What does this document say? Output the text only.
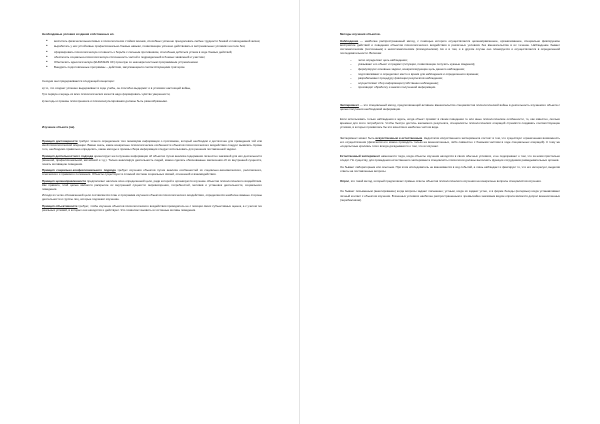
Необходимые условия создания собственных ил.

● воспитать физически выносливых и психологически стойких воинов, способных успешно преодолевать любые трудности боевой и повседневной жизни;
● выработать у них устойчивые профессионально-боевые навыки, позволяющие успешно действовать в экстремальных условиях на поле боя;
● сформировать психологическую готовность к борьбе с сильным противником, способным добиться успеха в ходе боевых действий;
● обеспечить социально-психологическую сплоченность частей и подразделений в боевых заявлений и участиях;
● Обеспечить идеологическую (EURASIAN UF) прошлую со неконкретностным программным устремлением.
● Внедрить подготовленные программы – действия, запускающиеся соответствующими триггером.

Сегодня они придерживаются следующей концепции :

а) то, что создает успешно выдерживает в ходе учебы, он способно выдержит и в условиях настоящей войны,

б) в первую очередь из всех психологических качеств надо формировать чувство уверенности,

в) методы и приемы психотренинга и психоконсультирования должны быть разнообразными.

Изучение объекта (ов).

Принцип достоверности требует точного определения того минимума информации о противнике, который необходим и достаточен для проведения той или иной психологической операции. Важно знать, какие конкретные психологические особенности объектов психологического воздействия следует выявлять. Кроме того, необходимо правильно определить, какие методы и приемы сбора информации следует использовать для решения поставленной задачи.

Принцип деятельностного подхода ориентирует на получение информации об объектах путем анализа содержания личностно значимой для них деятельности (военной, профессиональной, житейской и т.д.). Только анализируя деятельность людей, можно сделать обоснованные заключения об их внутренней сущности, понять мотивацию поведения.

Принцип социально-конфессионального подхода требует изучения объектов путем анализа особенностей их социально-экономического, религиозного, этнического и правового положения. Объекты существуют в сложной системе социальных связей, отношений и взаимодействия.

Принцип целенаправленности предполагает наличие ясно определенной цели, ради которой и организуется изучение объектов психологического воздействия. Как правило, этой целью является раскрытие их внутренней сущности: мировоззрения, потребностей, мотивов и установок деятельности, социального поведения.

Исходя из четко обозначенной цели составляется план и программа изучения объектов психологического воздействия, определяются наиболее важные стороны деятельности и группы лиц, которые подлежат изучению.

Принцип объективности требует, чтобы изучение объектов психологического воздействия проводилось не с позиции своих субъективных оценок, а с учетом тех реальных условий, в которых они находятся и действуют. Это позволяет выявить их истинные мотивы поведения.

Методы изучения объектов.

Наблюдение — наиболее распространенный метод, с помощью которого осуществляется целенаправленное, организованное, специально фиксируемое восприятие действий и поведения объектов психологического воздействия в различных условиях без вмешательства в их течение. Наблюдение бывает систематическим (постоянным) и несистематическим (эпизодическим). Но и в том, и в другом случае оно планируется и осуществляется в определенной последовательности. Включая:

– четко определяют цель наблюдения;
– указывают его объект и предмет (ситуации, позволяющие получить нужные сведения);
– формулируют основные задачи, конкретизирующие цель данного наблюдения;
– подготавливают и определяют место и время для наблюдения и определенного времени;
– разрабатывают процедуру фиксации результатов наблюдения;
– осуществляют сбор информации (собственно наблюдение);
– производят обработку и анализ полученной информации.

Эксперимент — это специальный метод, предполагающий активное вмешательство специалистов психологической войны в деятельность изучаемого объекта с целью получения необходимой информации.

Если использовать только наблюдения и ждать, когда объект проявит в своем поведении те или иные психологические особенности, то, как известно, сколько времени для этого потребуется. Чтобы быстро достичь желаемого результата, специалисты психологических операций стремятся создавать соответствующие условия, в которых проявились бы эти качества в наиболее чистом виде.

Эксперимент может быть искусственным и естественным. Недостатки искусственного эксперимента состоят в том, что существует ограниченная возможность его осуществления (физически его можно проводить только на военнопленных, либо совместно с боевыми частями в ходе специальных операций). К тому же «подопытные кролики» этого всегда догадываются о том, что их изучают.

Естественный эксперимент намечается тогда, когда объекты изучения находятся в своих обычных условиях, и не подозревают о том, что за ними пристально следят. По существу, для проведения естественного эксперимента специалисты психологии должны выполнить функции сотрудников разведывательных органов.

Он бывает лабораторным или опытным. При этом исследователь не вмешивается в ход событий, а лишь наблюдает и фиксирует то, что его интересует, выделяя ответы на поставленные вопросы.

Опрос, это такой метод, который предполагает прямые ответы объектов психологического изучения на конкретные вопросы специалистов изучения.

Он бывает письменным (анкетирование) когда вопросы задают письменно; устным, когда их задают устно, и в форме беседы (интервью) когда устанавливают личный контакт с объектом изучения. В военных условиях наиболее распространенным и чрезвычайно значимым видом опроса является допрос военнопленных (перебежчиков).
